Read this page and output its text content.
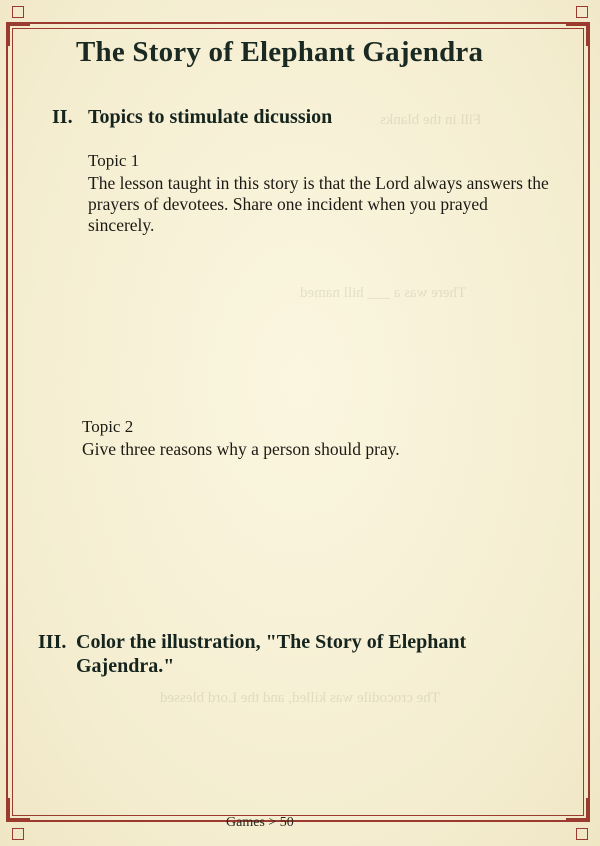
Fill in the blanks
There was a ___ hill named
The crocodile was killed, and the Lord blessed
The Story of Elephant Gajendra
II. Topics to stimulate dicussion
Topic 1
The lesson taught in this story is that the Lord always answers the prayers of devotees. Share one incident when you prayed sincerely.
Topic 2
Give three reasons why a person should pray.
III. Color the illustration, "The Story of Elephant Gajendra."
Games > 50
